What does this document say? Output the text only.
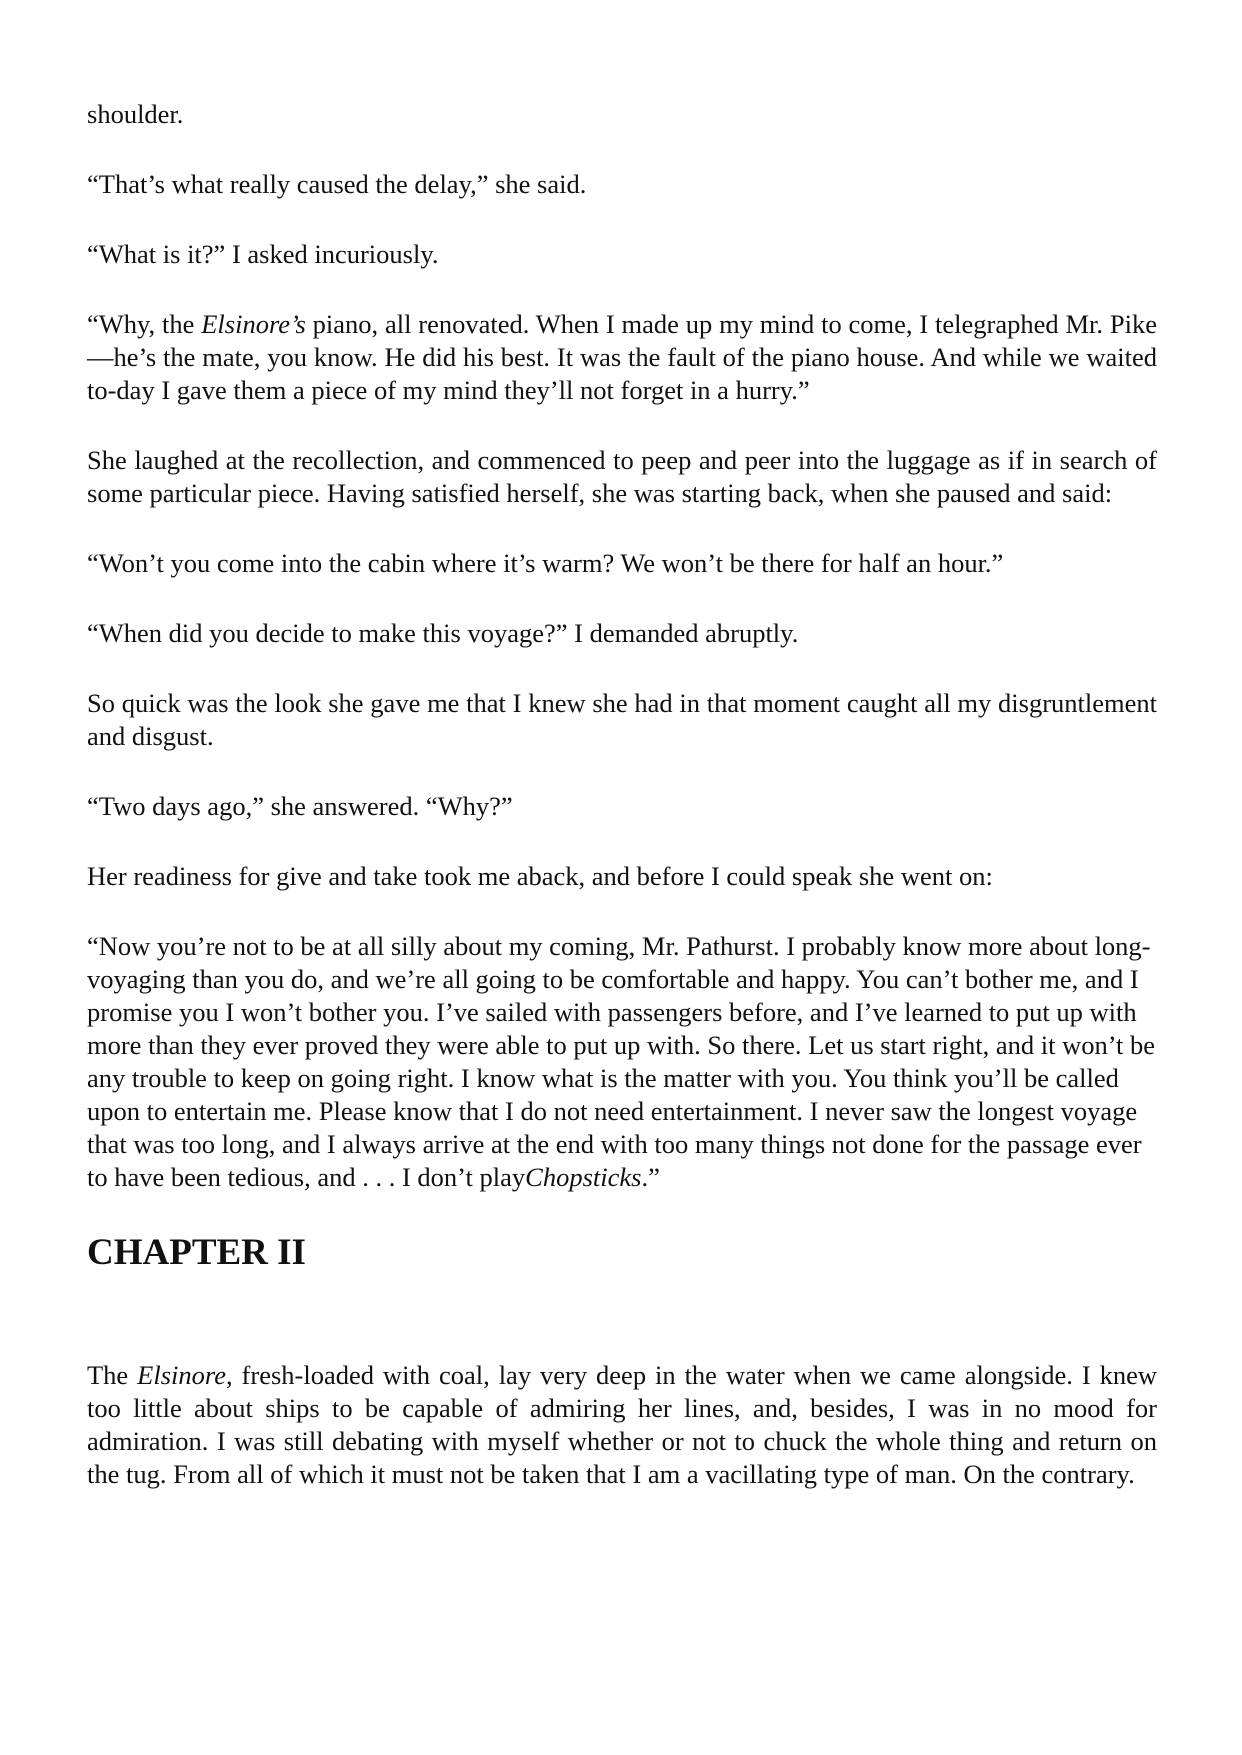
shoulder.

“That’s what really caused the delay,” she said.

“What is it?” I asked incuriously.

“Why, the Elsinore’s piano, all renovated. When I made up my mind to come, I telegraphed Mr. Pike—he’s the mate, you know. He did his best. It was the fault of the piano house. And while we waited to-day I gave them a piece of my mind they’ll not forget in a hurry.”

She laughed at the recollection, and commenced to peep and peer into the luggage as if in search of some particular piece. Having satisfied herself, she was starting back, when she paused and said:

“Won’t you come into the cabin where it’s warm? We won’t be there for half an hour.”

“When did you decide to make this voyage?” I demanded abruptly.

So quick was the look she gave me that I knew she had in that moment caught all my disgruntlement and disgust.

“Two days ago,” she answered. “Why?”

Her readiness for give and take took me aback, and before I could speak she went on:

“Now you’re not to be at all silly about my coming, Mr. Pathurst. I probably know more about long-voyaging than you do, and we’re all going to be comfortable and happy. You can’t bother me, and I promise you I won’t bother you. I’ve sailed with passengers before, and I’ve learned to put up with more than they ever proved they were able to put up with. So there. Let us start right, and it won’t be any trouble to keep on going right. I know what is the matter with you. You think you’ll be called upon to entertain me. Please know that I do not need entertainment. I never saw the longest voyage that was too long, and I always arrive at the end with too many things not done for the passage ever to have been tedious, and . . . I don’t playChopsticks.”

CHAPTER II

The Elsinore, fresh-loaded with coal, lay very deep in the water when we came alongside. I knew too little about ships to be capable of admiring her lines, and, besides, I was in no mood for admiration. I was still debating with myself whether or not to chuck the whole thing and return on the tug. From all of which it must not be taken that I am a vacillating type of man. On the contrary.
